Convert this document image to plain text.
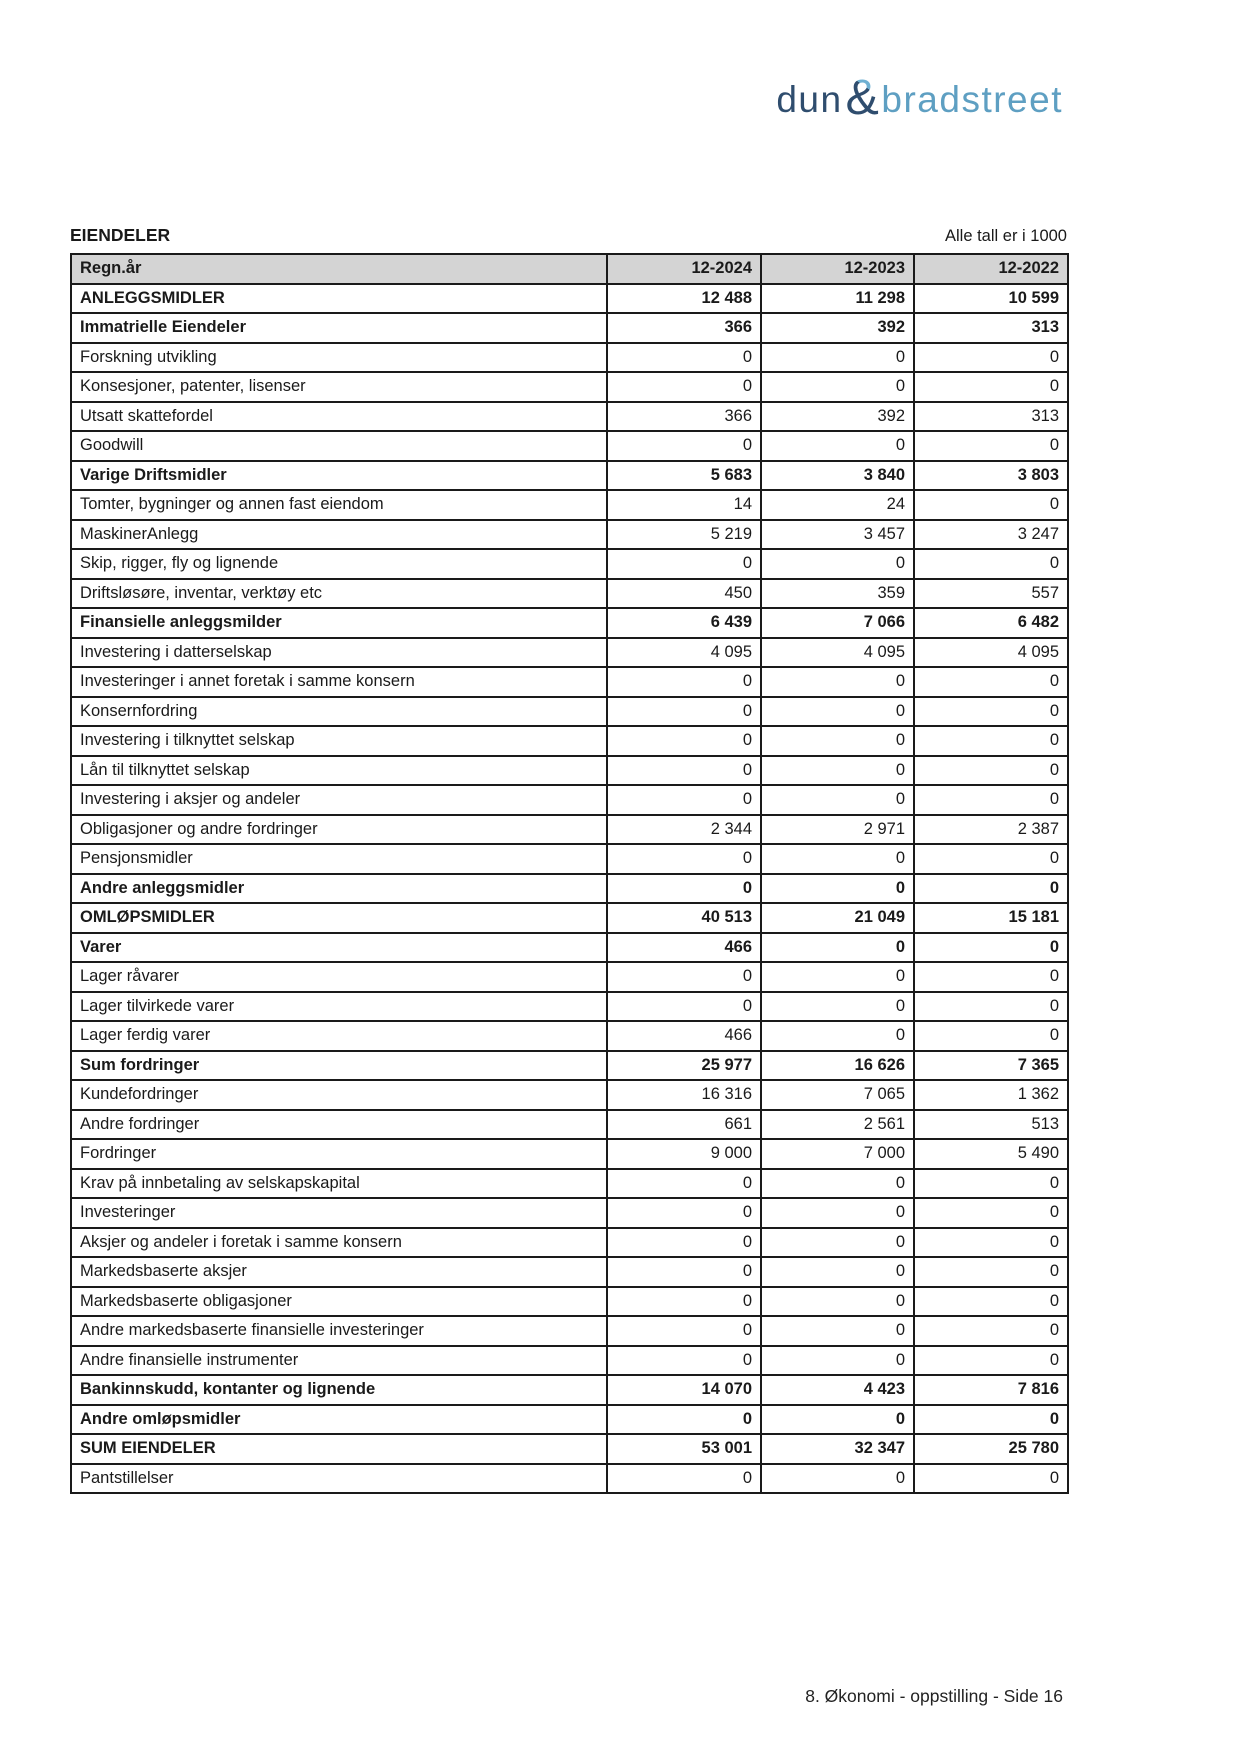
dun & bradstreet
EIENDELER	Alle tall er i 1000
Regn.år	12-2024	12-2023	12-2022
ANLEGGSMIDLER	12 488	11 298	10 599
Immatrielle Eiendeler	366	392	313
Forskning utvikling	0	0	0
Konsesjoner, patenter, lisenser	0	0	0
Utsatt skattefordel	366	392	313
Goodwill	0	0	0
Varige Driftsmidler	5 683	3 840	3 803
Tomter, bygninger og annen fast eiendom	14	24	0
MaskinerAnlegg	5 219	3 457	3 247
Skip, rigger, fly og lignende	0	0	0
Driftsløsøre, inventar, verktøy etc	450	359	557
Finansielle anleggsmilder	6 439	7 066	6 482
Investering i datterselskap	4 095	4 095	4 095
Investeringer i annet foretak i samme konsern	0	0	0
Konsernfordring	0	0	0
Investering i tilknyttet selskap	0	0	0
Lån til tilknyttet selskap	0	0	0
Investering i aksjer og andeler	0	0	0
Obligasjoner og andre fordringer	2 344	2 971	2 387
Pensjonsmidler	0	0	0
Andre anleggsmidler	0	0	0
OMLØPSMIDLER	40 513	21 049	15 181
Varer	466	0	0
Lager råvarer	0	0	0
Lager tilvirkede varer	0	0	0
Lager ferdig varer	466	0	0
Sum fordringer	25 977	16 626	7 365
Kundefordringer	16 316	7 065	1 362
Andre fordringer	661	2 561	513
Fordringer	9 000	7 000	5 490
Krav på innbetaling av selskapskapital	0	0	0
Investeringer	0	0	0
Aksjer og andeler i foretak i samme konsern	0	0	0
Markedsbaserte aksjer	0	0	0
Markedsbaserte obligasjoner	0	0	0
Andre markedsbaserte finansielle investeringer	0	0	0
Andre finansielle instrumenter	0	0	0
Bankinnskudd, kontanter og lignende	14 070	4 423	7 816
Andre omløpsmidler	0	0	0
SUM EIENDELER	53 001	32 347	25 780
Pantstillelser	0	0	0
8. Økonomi - oppstilling - Side 16
